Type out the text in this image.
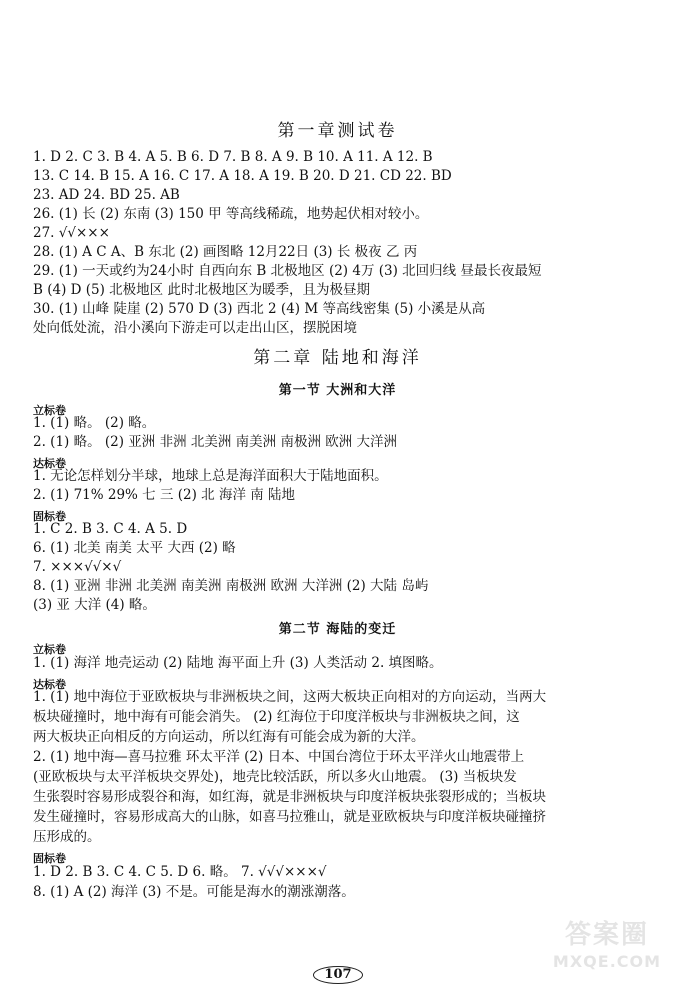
第一章测试卷
1. D 2. C 3. B 4. A 5. B 6. D 7. B 8. A 9. B 10. A 11. A 12. B
13. C 14. B 15. A 16. C 17. A 18. A 19. B 20. D 21. CD 22. BD
23. AD 24. BD 25. AB
26. (1) 长 (2) 东南 (3) 150 甲 等高线稀疏，地势起伏相对较小。
27. √√×××
28. (1) A C A、B 东北 (2) 画图略 12月22日 (3) 长 极夜 乙 丙
29. (1) 一天或约为24小时 自西向东 B 北极地区 (2) 4万 (3) 北回归线 昼最长夜最短
B (4) D (5) 北极地区 此时北极地区为暖季，且为极昼期
30. (1) 山峰 陡崖 (2) 570 D (3) 西北 2 (4) M 等高线密集 (5) 小溪是从高
处向低处流，沿小溪向下游走可以走出山区，摆脱困境
第二章 陆地和海洋
第一节 大洲和大洋
立标卷
1. (1) 略。 (2) 略。
2. (1) 略。 (2) 亚洲 非洲 北美洲 南美洲 南极洲 欧洲 大洋洲
达标卷
1. 无论怎样划分半球，地球上总是海洋面积大于陆地面积。
2. (1) 71% 29% 七 三 (2) 北 海洋 南 陆地
固标卷
1. C 2. B 3. C 4. A 5. D
6. (1) 北美 南美 太平 大西 (2) 略
7. ×××√√×√
8. (1) 亚洲 非洲 北美洲 南美洲 南极洲 欧洲 大洋洲 (2) 大陆 岛屿
(3) 亚 大洋 (4) 略。
第二节 海陆的变迁
立标卷
1. (1) 海洋 地壳运动 (2) 陆地 海平面上升 (3) 人类活动 2. 填图略。
达标卷
1. (1) 地中海位于亚欧板块与非洲板块之间，这两大板块正向相对的方向运动，当两大
板块碰撞时，地中海有可能会消失。 (2) 红海位于印度洋板块与非洲板块之间，这
两大板块正向相反的方向运动，所以红海有可能会成为新的大洋。
2. (1) 地中海—喜马拉雅 环太平洋 (2) 日本、中国台湾位于环太平洋火山地震带上
(亚欧板块与太平洋板块交界处)，地壳比较活跃，所以多火山地震。 (3) 当板块发
生张裂时容易形成裂谷和海，如红海，就是非洲板块与印度洋板块张裂形成的；当板块
发生碰撞时，容易形成高大的山脉，如喜马拉雅山，就是亚欧板块与印度洋板块碰撞挤
压形成的。
固标卷
1. D 2. B 3. C 4. C 5. D 6. 略。 7. √√√×××√
8. (1) A (2) 海洋 (3) 不是。可能是海水的潮涨潮落。
107
答案圈
MXQE.COM
